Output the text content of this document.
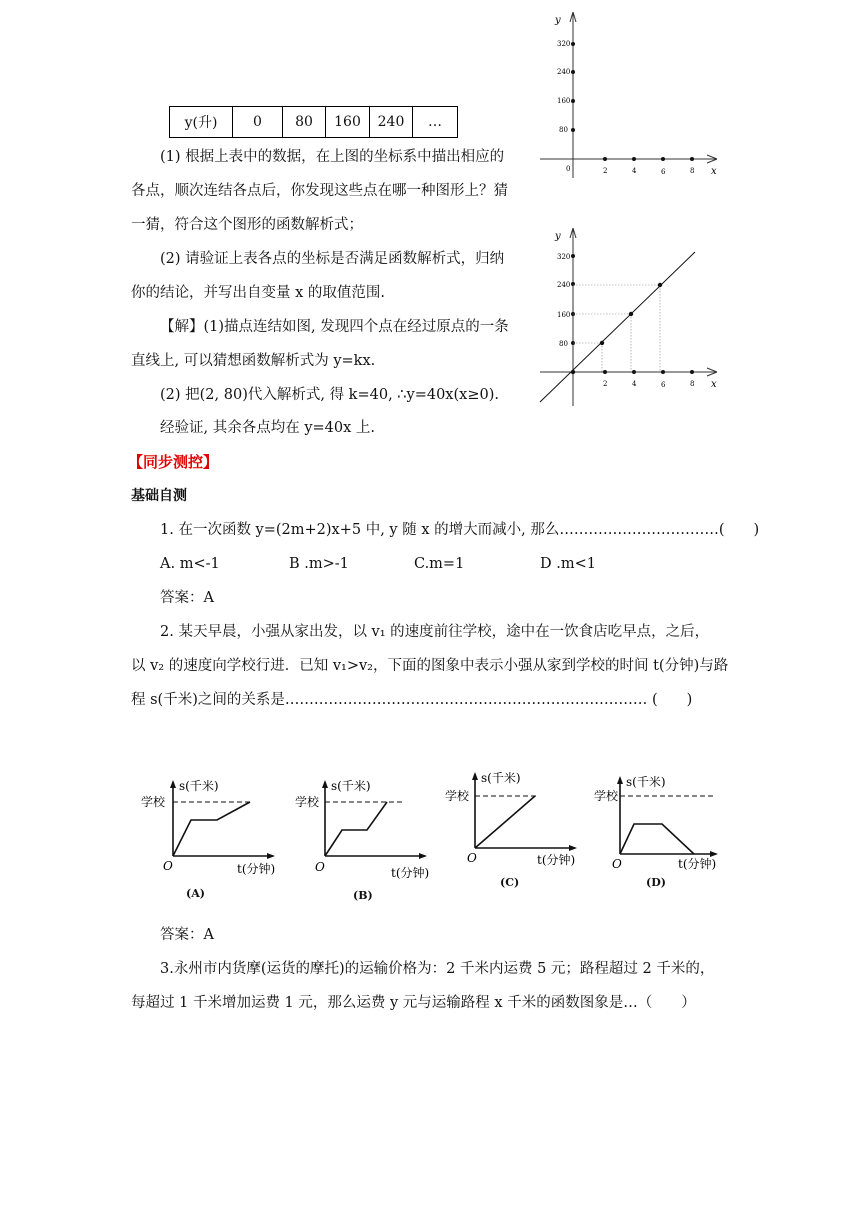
y
x
0
80
160
240
320
2	4	6	8
y
x
80
160
240
320
2	4	6	8
y(升)	0	80	160	240	…
(1) 根据上表中的数据，在上图的坐标系中描出相应的
各点，顺次连结各点后，你发现这些点在哪一种图形上？猜
一猜，符合这个图形的函数解析式；
(2) 请验证上表各点的坐标是否满足函数解析式，归纳
你的结论，并写出自变量 x 的取值范围.
【解】(1)描点连结如图, 发现四个点在经过原点的一条
直线上, 可以猜想函数解析式为 y=kx.
(2) 把(2, 80)代入解析式, 得 k=40, ∴y=40x(x≥0).
经验证, 其余各点均在 y=40x 上.
【同步测控】
基础自测
1. 在一次函数 y=(2m+2)x+5 中, y 随 x 的增大而减小, 那么……………………………(　　)
A. m<-1	B .m>-1	C.m=1	D .m<1
答案：A
2. 某天早晨，小强从家出发，以 v₁ 的速度前往学校，途中在一饮食店吃早点，之后，
以 v₂ 的速度向学校行进．已知 v₁>v₂，下面的图象中表示小强从家到学校的时间 t(分钟)与路
程 s(千米)之间的关系是………………………………………………………………… (　　)
s(千米)
学校
O	t(分钟)
(A)
s(千米)
学校
O	t(分钟)
(B)
s(千米)
学校
O	t(分钟)
(C)
s(千米)
学校
O	t(分钟)
(D)
答案：A
3.永州市内货摩(运货的摩托)的运输价格为：2 千米内运费 5 元；路程超过 2 千米的，
每超过 1 千米增加运费 1 元，那么运费 y 元与运输路程 x 千米的函数图象是…（　　）
